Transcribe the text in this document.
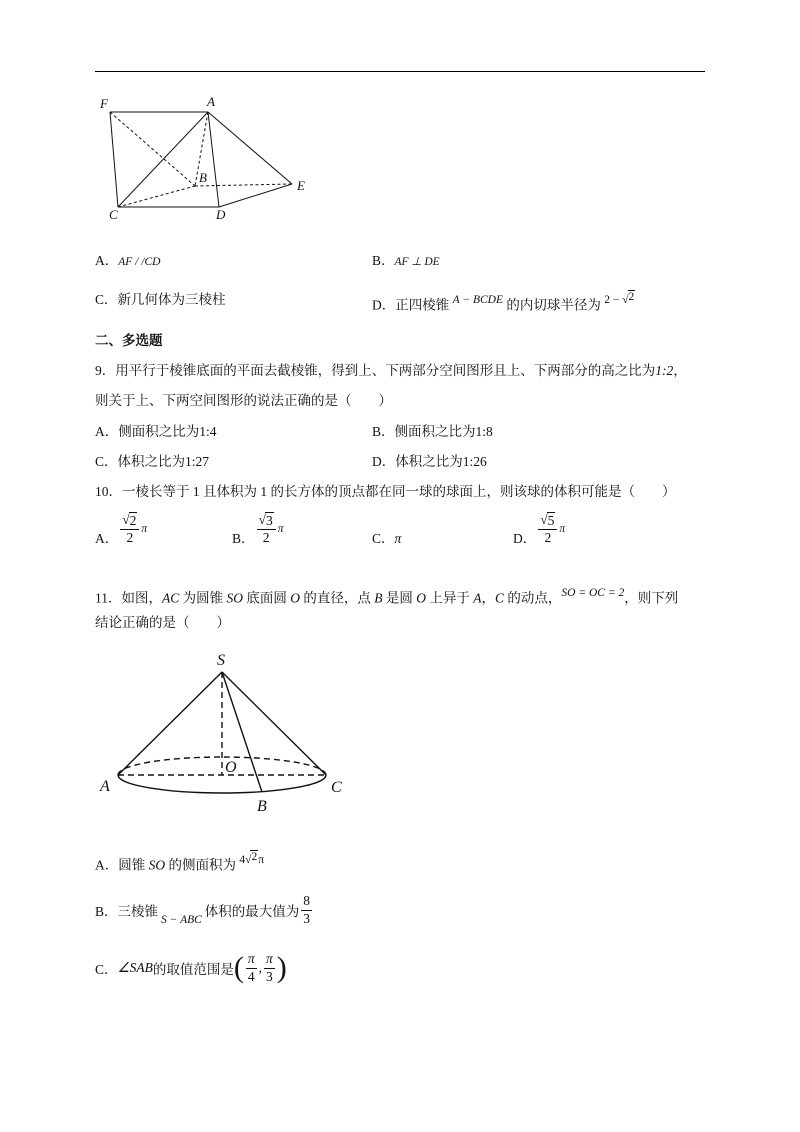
F	A
B
E
C	D
A．AF / /CD	B．AF ⊥ DE
C．新几何体为三棱柱	D．正四棱锥 A − BCDE 的内切球半径为 2 − √ 2
二、多选题
9．用平行于棱锥底面的平面去截棱锥，得到上、下两部分空间图形且上、下两部分的高之比为1:2，
则关于上、下两空间图形的说法正确的是（　　）
A．侧面积之比为1:4	B．侧面积之比为1:8
C．体积之比为1:27	D．体积之比为1:26
10．一棱长等于 1 且体积为 1 的长方体的顶点都在同一球的球面上，则该球的体积可能是（　　）
A． $\frac{√ 2}{2}$ π
B． $\frac{√ 3}{2}$ π
C． π	D． $\frac{√ 5}{2}$ π
11．如图，AC 为圆锥 SO 底面圆 O 的直径，点 B 是圆 O 上异于 A，C 的动点，SO = OC = 2，则下列
结论正确的是（　　）
S
O
A	C
B
A．圆锥 SO 的侧面积为 4 √ 2 π
B． 三棱锥
S − ABC
体积的最大值为 $\frac{8}{3}$
C． ∠SAB 的取值范围是 ( $\frac{\pi}{4}$ , $\frac{\pi}{3}$ )
